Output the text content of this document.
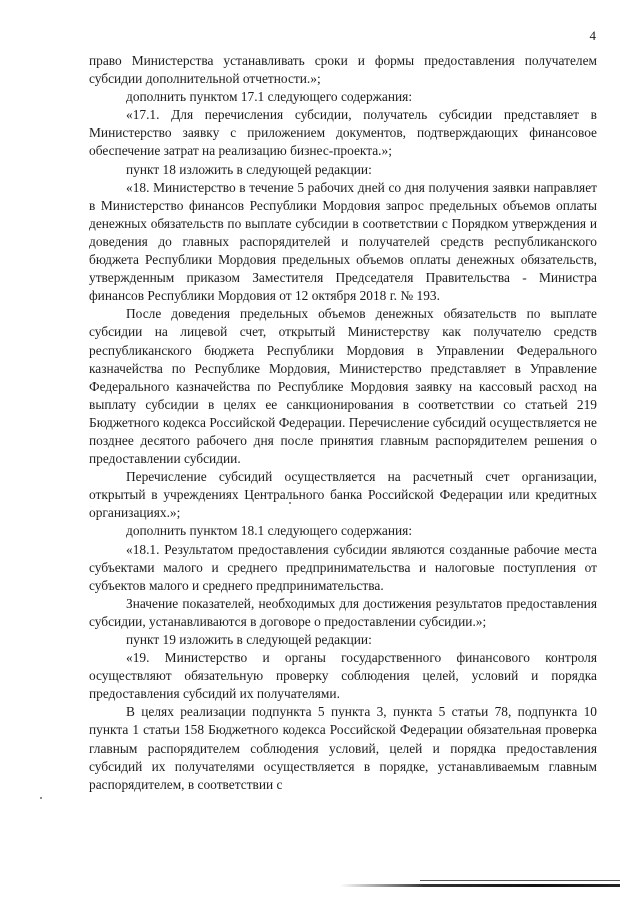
4

право Министерства устанавливать сроки и формы предоставления получателем субсидии дополнительной отчетности.»;

дополнить пунктом 17.1 следующего содержания:

«17.1. Для перечисления субсидии, получатель субсидии представляет в Министерство заявку с приложением документов, подтверждающих финансовое обеспечение затрат на реализацию бизнес-проекта.»;

пункт 18 изложить в следующей редакции:

«18. Министерство в течение 5 рабочих дней со дня получения заявки направляет в Министерство финансов Республики Мордовия запрос предельных объемов оплаты денежных обязательств по выплате субсидии в соответствии с Порядком утверждения и доведения до главных распорядителей и получателей средств республиканского бюджета Республики Мордовия предельных объемов оплаты денежных обязательств, утвержденным приказом Заместителя Председателя Правительства - Министра финансов Республики Мордовия от 12 октября 2018 г. № 193.

После доведения предельных объемов денежных обязательств по выплате субсидии на лицевой счет, открытый Министерству как получателю средств республиканского бюджета Республики Мордовия в Управлении Федерального казначейства по Республике Мордовия, Министерство представляет в Управление Федерального казначейства по Республике Мордовия заявку на кассовый расход на выплату субсидии в целях ее санкционирования в соответствии со статьей 219 Бюджетного кодекса Российской Федерации. Перечисление субсидий осуществляется не позднее десятого рабочего дня после принятия главным распорядителем решения о предоставлении субсидии.

Перечисление субсидий осуществляется на расчетный счет организации, открытый в учреждениях Центрального банка Российской Федерации или кредитных организациях.»;

дополнить пунктом 18.1 следующего содержания:

«18.1. Результатом предоставления субсидии являются созданные рабочие места субъектами малого и среднего предпринимательства и налоговые поступления от субъектов малого и среднего предпринимательства.

Значение показателей, необходимых для достижения результатов предоставления субсидии, устанавливаются в договоре о предоставлении субсидии.»;

пункт 19 изложить в следующей редакции:

«19. Министерство и органы государственного финансового контроля осуществляют обязательную проверку соблюдения целей, условий и порядка предоставления субсидий их получателями.

В целях реализации подпункта 5 пункта 3, пункта 5 статьи 78, подпункта 10 пункта 1 статьи 158 Бюджетного кодекса Российской Федерации обязательная проверка главным распорядителем соблюдения условий, целей и порядка предоставления субсидий их получателями осуществляется в порядке, устанавливаемым главным распорядителем, в соответствии с
